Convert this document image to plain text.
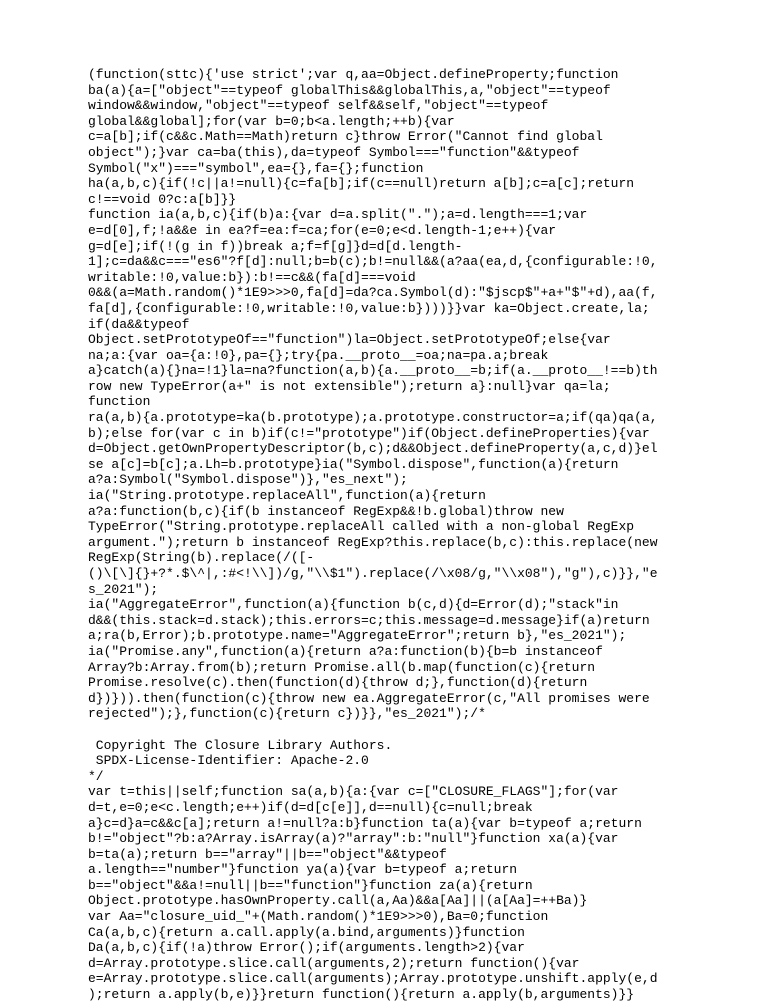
(function(sttc){'use strict';var q,aa=Object.defineProperty;function
ba(a){a=["object"==typeof globalThis&&globalThis,a,"object"==typeof
window&&window,"object"==typeof self&&self,"object"==typeof
global&&global];for(var b=0;b<a.length;++b){var
c=a[b];if(c&&c.Math==Math)return c}throw Error("Cannot find global
object");}var ca=ba(this),da=typeof Symbol==="function"&&typeof
Symbol("x")==="symbol",ea={},fa={};function
ha(a,b,c){if(!c||a!=null){c=fa[b];if(c==null)return a[b];c=a[c];return
c!==void 0?c:a[b]}}
function ia(a,b,c){if(b)a:{var d=a.split(".");a=d.length===1;var
e=d[0],f;!a&&e in ea?f=ea:f=ca;for(e=0;e<d.length-1;e++){var
g=d[e];if(!(g in f))break a;f=f[g]}d=d[d.length-
1];c=da&&c==="es6"?f[d]:null;b=b(c);b!=null&&(a?aa(ea,d,{configurable:!0,
writable:!0,value:b}):b!==c&&(fa[d]===void
0&&(a=Math.random()*1E9>>>0,fa[d]=da?ca.Symbol(d):"$jscp$"+a+"$"+d),aa(f,
fa[d],{configurable:!0,writable:!0,value:b})))}}var ka=Object.create,la;
if(da&&typeof
Object.setPrototypeOf=="function")la=Object.setPrototypeOf;else{var
na;a:{var oa={a:!0},pa={};try{pa.__proto__=oa;na=pa.a;break
a}catch(a){}na=!1}la=na?function(a,b){a.__proto__=b;if(a.__proto__!==b)th
row new TypeError(a+" is not extensible");return a}:null}var qa=la;
function
ra(a,b){a.prototype=ka(b.prototype);a.prototype.constructor=a;if(qa)qa(a,
b);else for(var c in b)if(c!="prototype")if(Object.defineProperties){var
d=Object.getOwnPropertyDescriptor(b,c);d&&Object.defineProperty(a,c,d)}el
se a[c]=b[c];a.Lh=b.prototype}ia("Symbol.dispose",function(a){return
a?a:Symbol("Symbol.dispose")},"es_next");
ia("String.prototype.replaceAll",function(a){return
a?a:function(b,c){if(b instanceof RegExp&&!b.global)throw new
TypeError("String.prototype.replaceAll called with a non-global RegExp
argument.");return b instanceof RegExp?this.replace(b,c):this.replace(new
RegExp(String(b).replace(/([-
()\[\]{}+?*.$\^|,:#<!\\])/g,"\\$1").replace(/\x08/g,"\\x08"),"g"),c)}},"e
s_2021");
ia("AggregateError",function(a){function b(c,d){d=Error(d);"stack"in
d&&(this.stack=d.stack);this.errors=c;this.message=d.message}if(a)return
a;ra(b,Error);b.prototype.name="AggregateError";return b},"es_2021");
ia("Promise.any",function(a){return a?a:function(b){b=b instanceof
Array?b:Array.from(b);return Promise.all(b.map(function(c){return
Promise.resolve(c).then(function(d){throw d;},function(d){return
d})})).then(function(c){throw new ea.AggregateError(c,"All promises were
rejected");},function(c){return c})}},"es_2021");/*
Copyright The Closure Library Authors.
SPDX-License-Identifier: Apache-2.0
*/
var t=this||self;function sa(a,b){a:{var c=["CLOSURE_FLAGS"];for(var
d=t,e=0;e<c.length;e++)if(d=d[c[e]],d==null){c=null;break
a}c=d}a=c&&c[a];return a!=null?a:b}function ta(a){var b=typeof a;return
b!="object"?b:a?Array.isArray(a)?"array":b:"null"}function xa(a){var
b=ta(a);return b=="array"||b=="object"&&typeof
a.length=="number"}function ya(a){var b=typeof a;return
b=="object"&&a!=null||b=="function"}function za(a){return
Object.prototype.hasOwnProperty.call(a,Aa)&&a[Aa]||(a[Aa]=++Ba)}
var Aa="closure_uid_"+(Math.random()*1E9>>>0),Ba=0;function
Ca(a,b,c){return a.call.apply(a.bind,arguments)}function
Da(a,b,c){if(!a)throw Error();if(arguments.length>2){var
d=Array.prototype.slice.call(arguments,2);return function(){var
e=Array.prototype.slice.call(arguments);Array.prototype.unshift.apply(e,d
);return a.apply(b,e)}}return function(){return a.apply(b,arguments)}}
